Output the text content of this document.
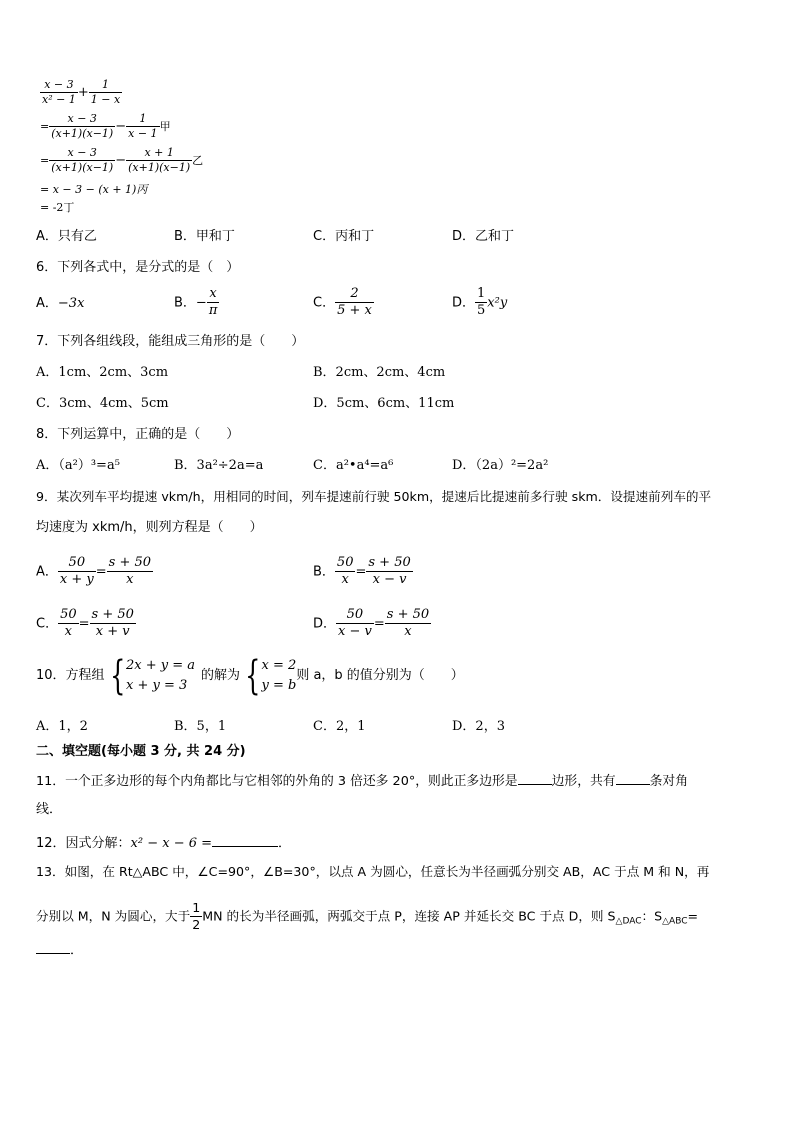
$\frac{x - 3}{\text{x² − 1}} + \frac{1}{1 - x}$
= $\frac{x - 3}{(x+1)(x-1)} - \frac{1}{x - 1}$ 甲
= $\frac{x - 3}{(x+1)(x-1)} - \frac{x + 1}{(x+1)(x-1)}$ 乙
= x − 3 − (x + 1)丙
= -2丁
A．只有乙	B．甲和丁	C．丙和丁	D．乙和丁
6．下列各式中，是分式的是（　）
A．−3x	B．− $\frac{x}{\pi}$	C． $\frac{2}{5 + x}$	D． $\frac{1}{5} x^2y$
7．下列各组线段，能组成三角形的是（　　）
A．1cm、2cm、3cm	B．2cm、2cm、4cm
C．3cm、4cm、5cm	D．5cm、6cm、11cm
8．下列运算中，正确的是（　　）
A．（a²）³=a⁵	B．3a²÷2a=a	C．a²•a⁴=a⁶	D．（2a）²=2a²
9．某次列车平均提速 vkm/h，用相同的时间，列车提速前行驶 50km，提速后比提速前多行驶 skm．设提速前列车的平
均速度为 xkm/h，则列方程是（　　）
A． $\frac{50}{x + y} = \frac{s + 50}{x}$	B． $\frac{50}{x} = \frac{s + 50}{x - v}$
C． $\frac{50}{x} = \frac{s + 50}{x + v}$	D． $\frac{50}{x - v} = \frac{s + 50}{x}$
10．方程组 { 2x + y = a
x + y = 3
的解为 { x = 2
y = b
则 a，b 的值分别为（　　）
A．1，2	B．5，1	C．2，1	D．2，3
二、填空题(每小题 3 分, 共 24 分)
11．一个正多边形的每个内角都比与它相邻的外角的 3 倍还多 20°，则此正多边形是	边形，共有	条对角
线．
12．因式分解：x² − x − 6 =	．
13．如图，在 Rt△ABC 中，∠C=90°，∠B=30°，以点 A 为圆心，任意长为半径画弧分别交 AB，AC 于点 M 和 N，再
分别以 M，N 为圆心，大于 $\frac{1}{2}$ MN 的长为半径画弧，两弧交于点 P，连接 AP 并延长交 BC 于点 D，则 $S_{\triangle DAC}$：$S_{\triangle ABC}=$
．
